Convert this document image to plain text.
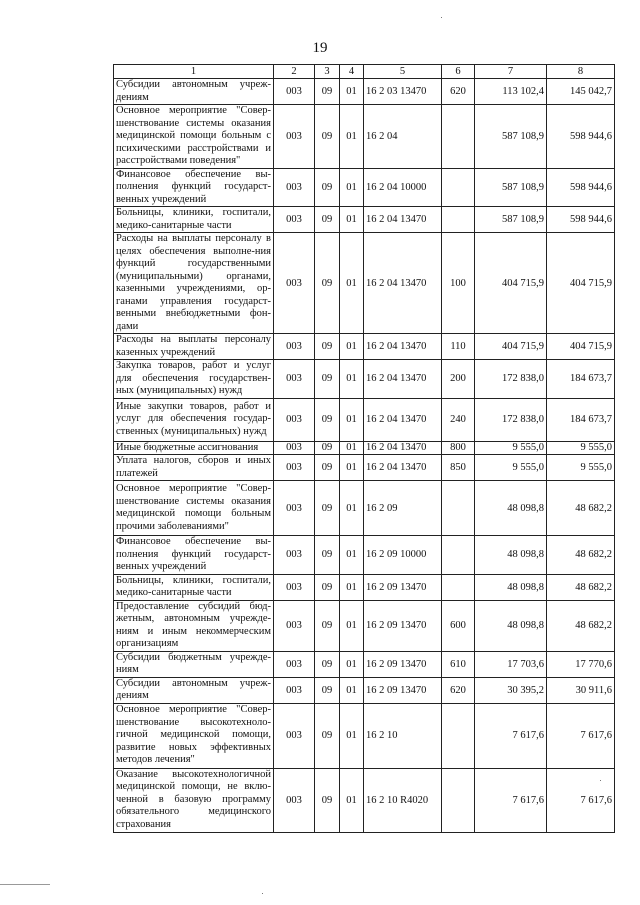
19
1	2	3	4	5	6	7	8
Субсидии автономным учреж-дениям	003	09	01	16 2 03 13470	620	113 102,4	145 042,7
Основное мероприятие "Совер-шенствование системы оказания медицинской помощи больным с психическими расстройствами и расстройствами поведения"	003	09	01	16 2 04		587 108,9	598 944,6
Финансовое обеспечение вы-полнения функций государст-венных учреждений	003	09	01	16 2 04 10000		587 108,9	598 944,6
Больницы, клиники, госпитали, медико-санитарные части	003	09	01	16 2 04 13470		587 108,9	598 944,6
Расходы на выплаты персоналу в целях обеспечения выполне-ния функций государственными (муниципальными) органами, казенными учреждениями, ор-ганами управления государст-венными внебюджетными фон-дами	003	09	01	16 2 04 13470	100	404 715,9	404 715,9
Расходы на выплаты персоналу казенных учреждений	003	09	01	16 2 04 13470	110	404 715,9	404 715,9
Закупка товаров, работ и услуг для обеспечения государствен-ных (муниципальных) нужд	003	09	01	16 2 04 13470	200	172 838,0	184 673,7
Иные закупки товаров, работ и услуг для обеспечения государ-ственных (муниципальных) нужд	003	09	01	16 2 04 13470	240	172 838,0	184 673,7
Иные бюджетные ассигнования	003	09	01	16 2 04 13470	800	9 555,0	9 555,0
Уплата налогов, сборов и иных платежей	003	09	01	16 2 04 13470	850	9 555,0	9 555,0
Основное мероприятие "Совер-шенствование системы оказания медицинской помощи больным прочими заболеваниями"	003	09	01	16 2 09		48 098,8	48 682,2
Финансовое обеспечение вы-полнения функций государст-венных учреждений	003	09	01	16 2 09 10000		48 098,8	48 682,2
Больницы, клиники, госпитали, медико-санитарные части	003	09	01	16 2 09 13470		48 098,8	48 682,2
Предоставление субсидий бюд-жетным, автономным учрежде-ниям и иным некоммерческим организациям	003	09	01	16 2 09 13470	600	48 098,8	48 682,2
Субсидии бюджетным учрежде-ниям	003	09	01	16 2 09 13470	610	17 703,6	17 770,6
Субсидии автономным учреж-дениям	003	09	01	16 2 09 13470	620	30 395,2	30 911,6
Основное мероприятие "Совер-шенствование высокотехноло-гичной медицинской помощи, развитие новых эффективных методов лечения"	003	09	01	16 2 10		7 617,6	7 617,6
Оказание высокотехнологичной медицинской помощи, не вклю-ченной в базовую программу обязательного медицинского страхования	003	09	01	16 2 10 R4020		7 617,6	7 617,6
